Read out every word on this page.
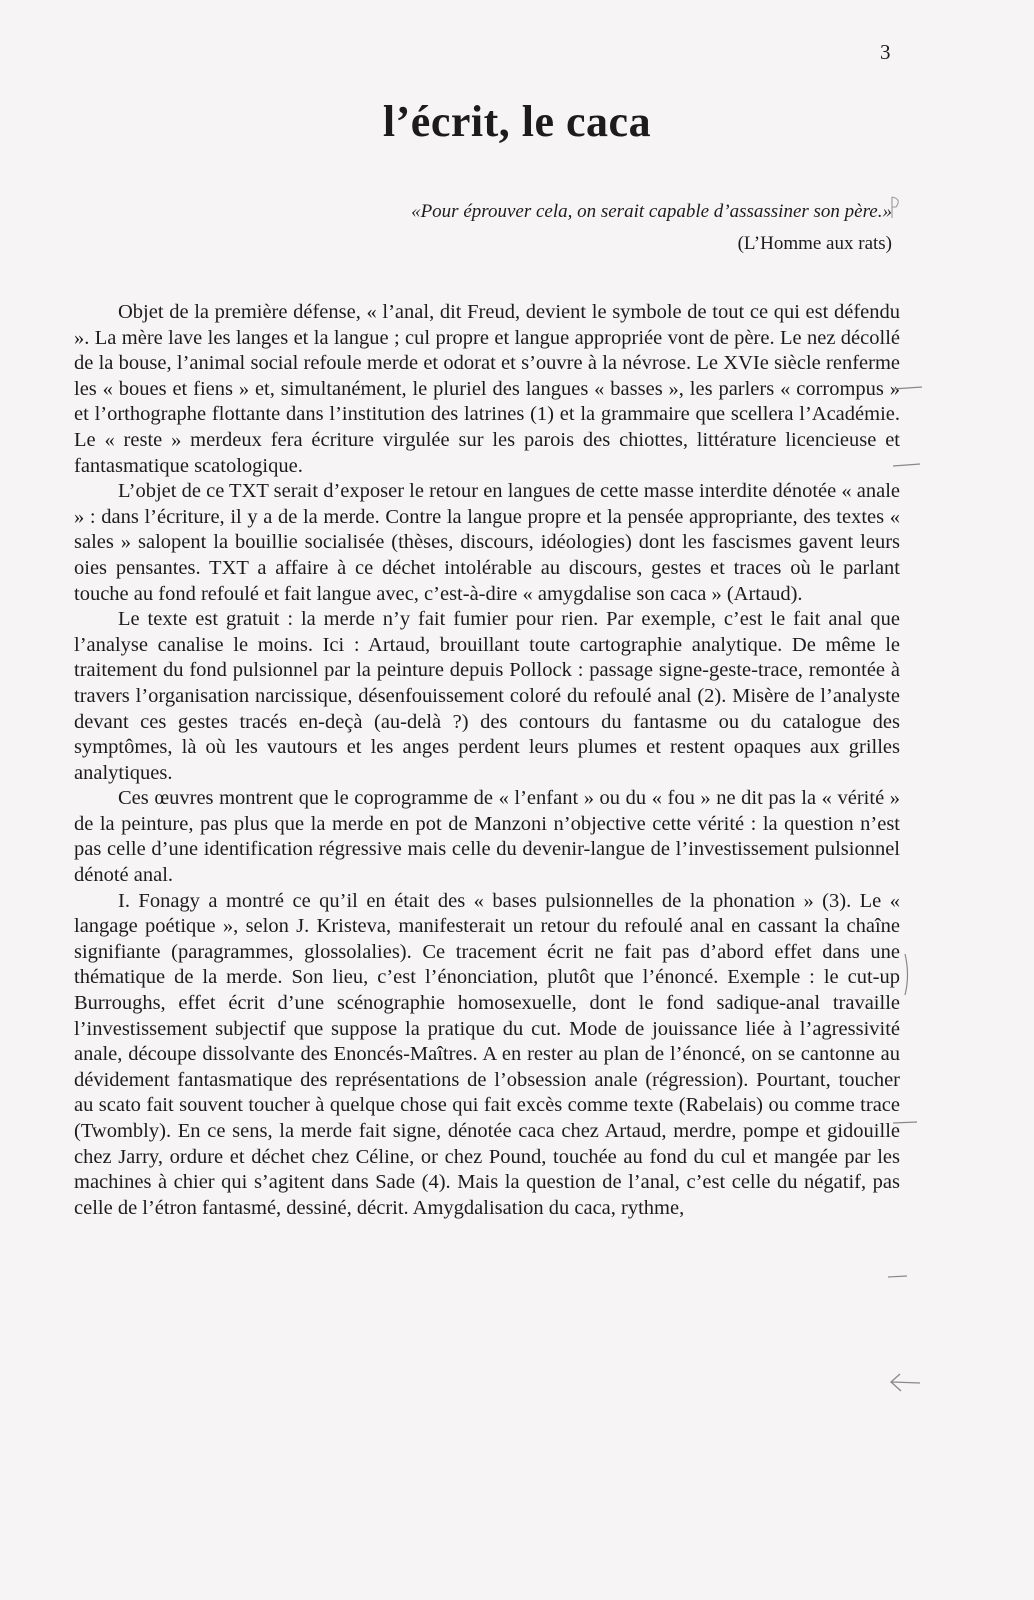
3
l’écrit, le caca
«Pour éprouver cela, on serait capable d’assassiner son père.»
(L’Homme aux rats)

Objet de la première défense, « l’anal, dit Freud, devient le symbole de tout ce qui est défendu ». La mère lave les langes et la langue ; cul propre et langue appropriée vont de père. Le nez décollé de la bouse, l’animal social refoule merde et odorat et s’ouvre à la névrose. Le XVIe siècle renferme les « boues et fiens » et, simultanément, le pluriel des langues « basses », les parlers « corrompus » et l’orthographe flottante dans l’institution des latrines (1) et la grammaire que scellera l’Académie. Le « reste » merdeux fera écriture virgulée sur les parois des chiottes, littérature licencieuse et fantasmatique scatologique.

L’objet de ce TXT serait d’exposer le retour en langues de cette masse interdite dénotée « anale » : dans l’écriture, il y a de la merde. Contre la langue propre et la pensée appropriante, des textes « sales » salopent la bouillie socialisée (thèses, discours, idéologies) dont les fascismes gavent leurs oies pensantes. TXT a affaire à ce déchet intolérable au discours, gestes et traces où le parlant touche au fond refoulé et fait langue avec, c’est-à-dire « amygdalise son caca » (Artaud).

Le texte est gratuit : la merde n’y fait fumier pour rien. Par exemple, c’est le fait anal que l’analyse canalise le moins. Ici : Artaud, brouillant toute cartographie analytique. De même le traitement du fond pulsionnel par la peinture depuis Pollock : passage signe-geste-trace, remontée à travers l’organisation narcissique, désenfouissement coloré du refoulé anal (2). Misère de l’analyste devant ces gestes tracés en-deçà (au-delà ?) des contours du fantasme ou du catalogue des symptômes, là où les vautours et les anges perdent leurs plumes et restent opaques aux grilles analytiques.

Ces œuvres montrent que le coprogramme de « l’enfant » ou du « fou » ne dit pas la « vérité » de la peinture, pas plus que la merde en pot de Manzoni n’objective cette vérité : la question n’est pas celle d’une identification régressive mais celle du devenir-langue de l’investissement pulsionnel dénoté anal.

I. Fonagy a montré ce qu’il en était des « bases pulsionnelles de la phonation » (3). Le « langage poétique », selon J. Kristeva, manifesterait un retour du refoulé anal en cassant la chaîne signifiante (paragrammes, glossolalies). Ce tracement écrit ne fait pas d’abord effet dans une thématique de la merde. Son lieu, c’est l’énonciation, plutôt que l’énoncé. Exemple : le cut-up Burroughs, effet écrit d’une scénographie homosexuelle, dont le fond sadique-anal travaille l’investissement subjectif que suppose la pratique du cut. Mode de jouissance liée à l’agressivité anale, découpe dissolvante des Enoncés-Maîtres. A en rester au plan de l’énoncé, on se cantonne au dévidement fantasmatique des représentations de l’obsession anale (régression). Pourtant, toucher au scato fait souvent toucher à quelque chose qui fait excès comme texte (Rabelais) ou comme trace (Twombly). En ce sens, la merde fait signe, dénotée caca chez Artaud, merdre, pompe et gidouille chez Jarry, ordure et déchet chez Céline, or chez Pound, touchée au fond du cul et mangée par les machines à chier qui s’agitent dans Sade (4). Mais la question de l’anal, c’est celle du négatif, pas celle de l’étron fantasmé, dessiné, décrit. Amygdalisation du caca, rythme,
